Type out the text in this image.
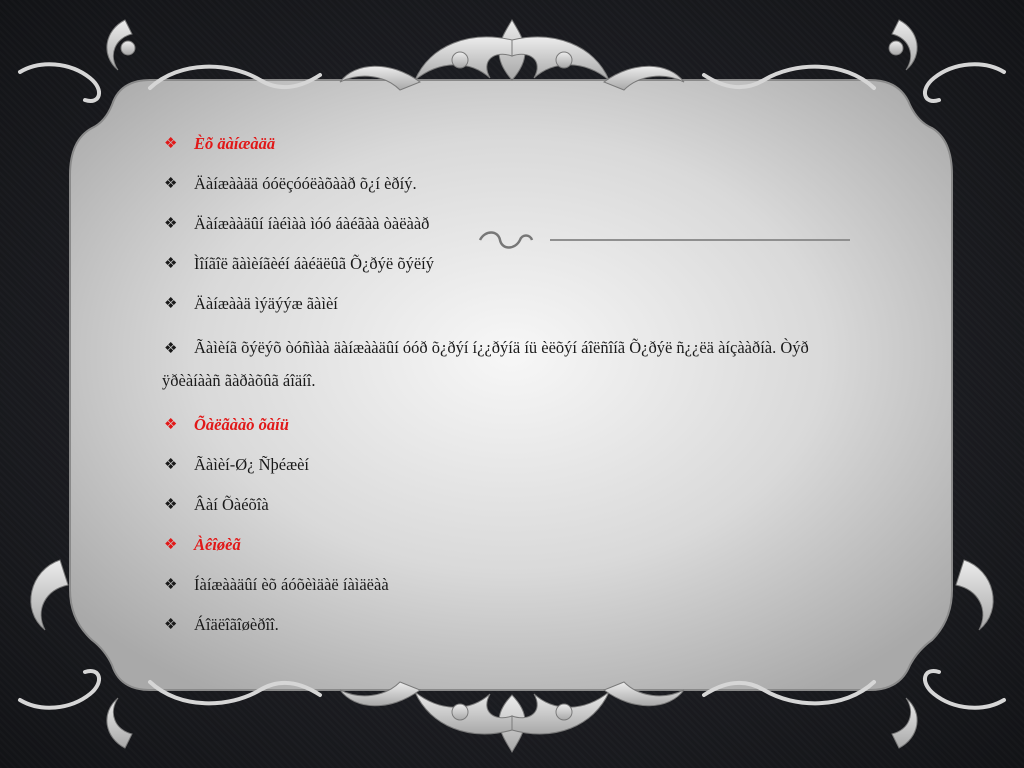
❖	Èõ äàíæàää
❖	Äàíæààää óóëçóóëàõààð õ¿í èðíý.
❖	Äàíæààäûí íàéìàà ìóó áàéãàà òàëààð
❖	Ìîíãîë ãàìèíãèéí áàéäëûã Õ¿ðýë õýëíý
❖	Äàíæààä ìýäýýæ ãàìèí
❖ Ãàìèíã õýëýõ òóñìàà äàíæààäûí óóð õ¿ðýí í¿¿ðýíä íü èëõýí áîëñîíã Õ¿ðýë ñ¿¿ëä àíçààðíà. Òýð ÿðèàíààñ ãàðàõûã áîäíî.
❖	Õàëãààò õàíü
❖	Ãàìèí-Ø¿ Ñþéæèí
❖	Âàí Õàéõîà
❖	Àêîøèã
❖	Íàíæààäûí èõ áóõèìäàë íàìäëàà
❖	Áîäëîãîøèðîî.
